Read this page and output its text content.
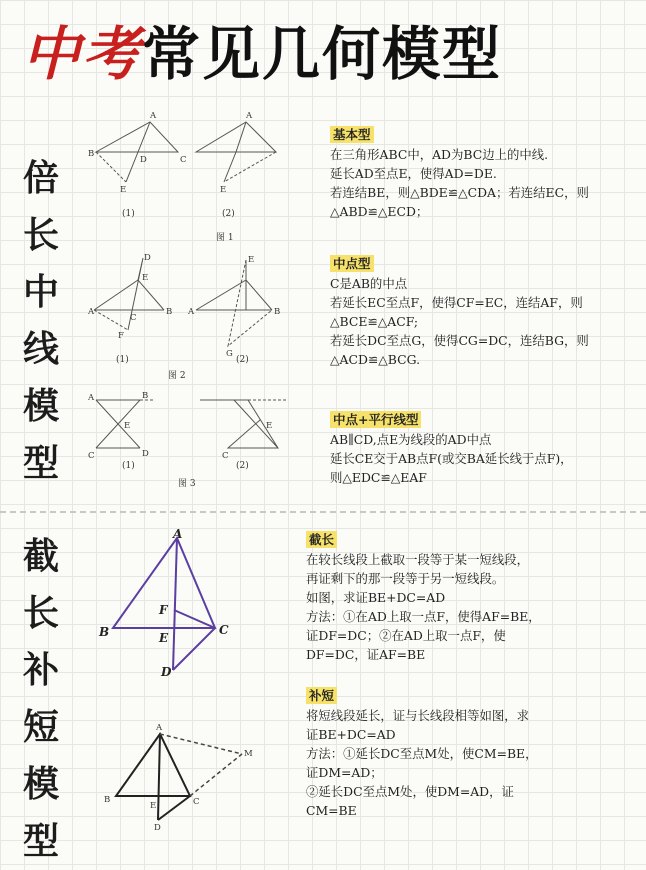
中考常见几何模型
倍长中线模型
A
B
D	C
E
A
E
(1)	(2)
图 1
D
E
A
C
B
F
E
A	B
G
(1)	(2)
图 2
A	B
E
C	D
E
C
(1)	(2)
图 3
基本型
在三角形ABC中，AD为BC边上的中线.
延长AD至点E，使得AD=DE.
若连结BE，则△BDE≌△CDA；若连结EC，则
△ABD≌△ECD；
中点型
C是AB的中点
若延长EC至点F，使得CF=EC，连结AF，则
△BCE≌△ACF;
若延长DC至点G，使得CG=DC，连结BG，则
△ACD≌△BCG.
中点+平行线型
AB∥CD,点E为线段的AD中点
延长CE交于AB点F(或交BA延长线于点F)，
则△EDC≌△EAF
截长补短模型
A
B	C
F
E
D
A
M
B	C
E
D
截长
在较长线段上截取一段等于某一短线段，
再证剩下的那一段等于另一短线段。
如图，求证BE+DC=AD
方法：①在AD上取一点F，使得AF=BE，
证DF=DC；②在AD上取一点F，使
DF=DC，证AF=BE
补短
将短线段延长，证与长线段相等如图，求
证BE+DC=AD
方法：①延长DC至点M处，使CM=BE，
证DM=AD；
②延长DC至点M处，使DM=AD，证
CM=BE
